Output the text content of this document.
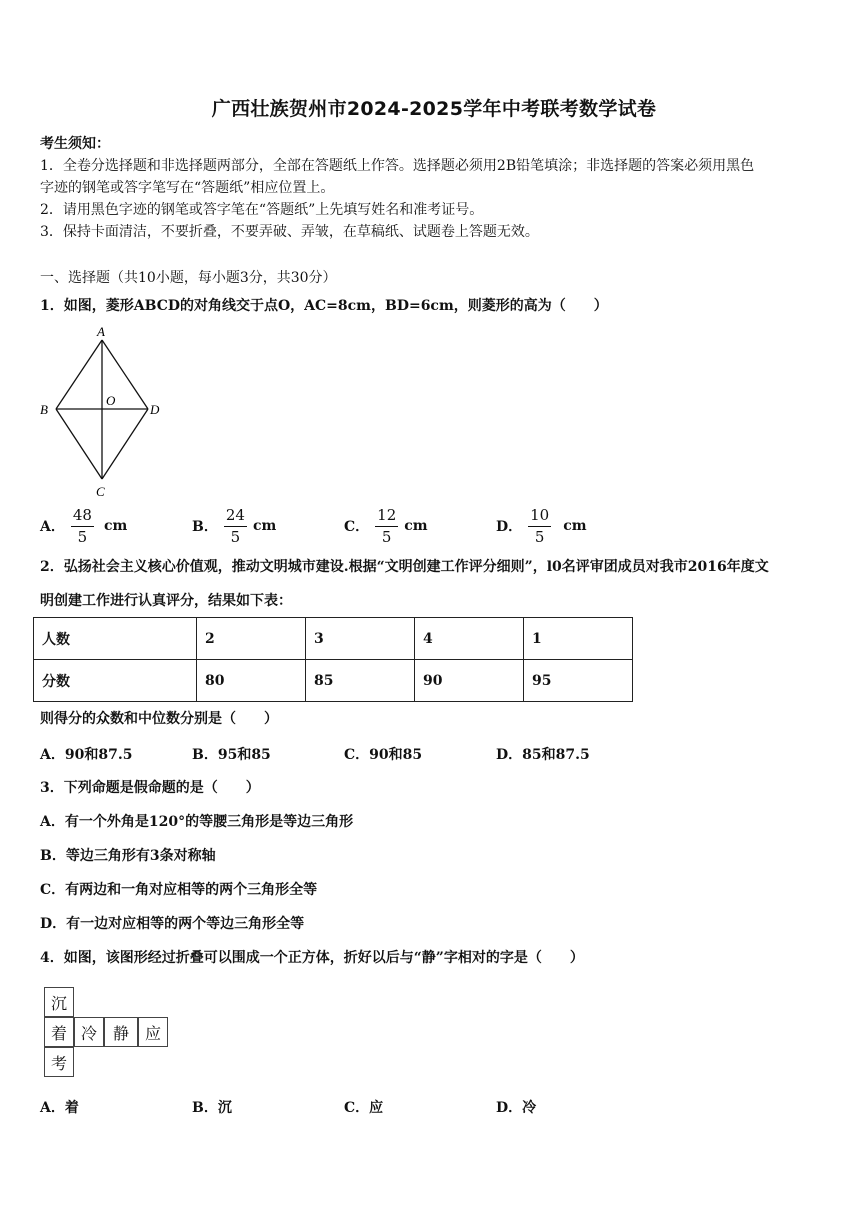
广西壮族贺州市2024-2025学年中考联考数学试卷
考生须知：
1．全卷分选择题和非选择题两部分，全部在答题纸上作答。选择题必须用2B铅笔填涂；非选择题的答案必须用黑色
字迹的钢笔或答字笔写在“答题纸”相应位置上。
2．请用黑色字迹的钢笔或答字笔在“答题纸”上先填写姓名和准考证号。
3．保持卡面清洁，不要折叠，不要弄破、弄皱，在草稿纸、试题卷上答题无效。
一、选择题（共10小题，每小题3分，共30分）
1．如图，菱形ABCD的对角线交于点O，AC=8cm，BD=6cm，则菱形的高为（　　）
A
B
C
D
O
A． $\frac{48}{5}$ cm	B． $\frac{24}{5}$ cm	C． $\frac{12}{5}$ cm	D． $\frac{10}{5}$ cm
2．弘扬社会主义核心价值观，推动文明城市建设.根据“文明创建工作评分细则”，l0名评审团成员对我市2016年度文
明创建工作进行认真评分，结果如下表：
人数	2	3	4	1
分数	80	85	90	95
则得分的众数和中位数分别是（　　）
A．90和87.5	B．95和85	C．90和85	D．85和87.5
3．下列命题是假命题的是（　　）
A．有一个外角是120°的等腰三角形是等边三角形
B．等边三角形有3条对称轴
C．有两边和一角对应相等的两个三角形全等
D．有一边对应相等的两个等边三角形全等
4．如图，该图形经过折叠可以围成一个正方体，折好以后与“静”字相对的字是（　　）
沉
着 冷 静 应
考
A．着	B．沉	C．应	D．冷
